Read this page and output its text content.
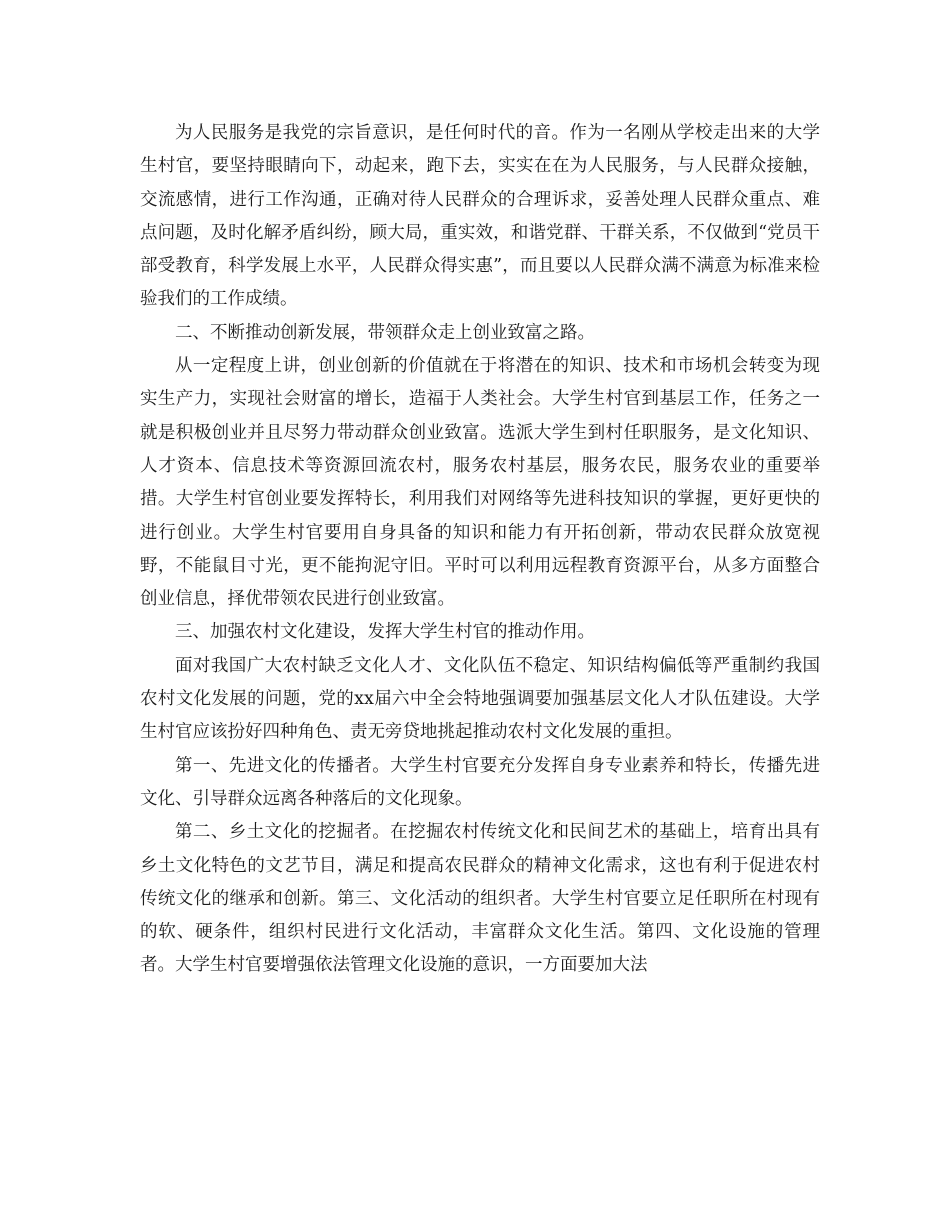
为人民服务是我党的宗旨意识，是任何时代的音。作为一名刚从学校走出来的大学生村官，要坚持眼睛向下，动起来，跑下去，实实在在为人民服务，与人民群众接触，交流感情，进行工作沟通，正确对待人民群众的合理诉求，妥善处理人民群众重点、难点问题，及时化解矛盾纠纷，顾大局，重实效，和谐党群、干群关系，不仅做到“党员干部受教育，科学发展上水平，人民群众得实惠”，而且要以人民群众满不满意为标准来检验我们的工作成绩。

二、不断推动创新发展，带领群众走上创业致富之路。

从一定程度上讲，创业创新的价值就在于将潜在的知识、技术和市场机会转变为现实生产力，实现社会财富的增长，造福于人类社会。大学生村官到基层工作，任务之一就是积极创业并且尽努力带动群众创业致富。选派大学生到村任职服务，是文化知识、人才资本、信息技术等资源回流农村，服务农村基层，服务农民，服务农业的重要举措。大学生村官创业要发挥特长，利用我们对网络等先进科技知识的掌握，更好更快的进行创业。大学生村官要用自身具备的知识和能力有开拓创新，带动农民群众放宽视野，不能鼠目寸光，更不能拘泥守旧。平时可以利用远程教育资源平台，从多方面整合创业信息，择优带领农民进行创业致富。

三、加强农村文化建设，发挥大学生村官的推动作用。

面对我国广大农村缺乏文化人才、文化队伍不稳定、知识结构偏低等严重制约我国农村文化发展的问题，党的xx届六中全会特地强调要加强基层文化人才队伍建设。大学生村官应该扮好四种角色、责无旁贷地挑起推动农村文化发展的重担。

第一、先进文化的传播者。大学生村官要充分发挥自身专业素养和特长，传播先进文化、引导群众远离各种落后的文化现象。

第二、乡土文化的挖掘者。在挖掘农村传统文化和民间艺术的基础上，培育出具有乡土文化特色的文艺节目，满足和提高农民群众的精神文化需求，这也有利于促进农村传统文化的继承和创新。第三、文化活动的组织者。大学生村官要立足任职所在村现有的软、硬条件，组织村民进行文化活动，丰富群众文化生活。第四、文化设施的管理者。大学生村官要增强依法管理文化设施的意识，一方面要加大法
